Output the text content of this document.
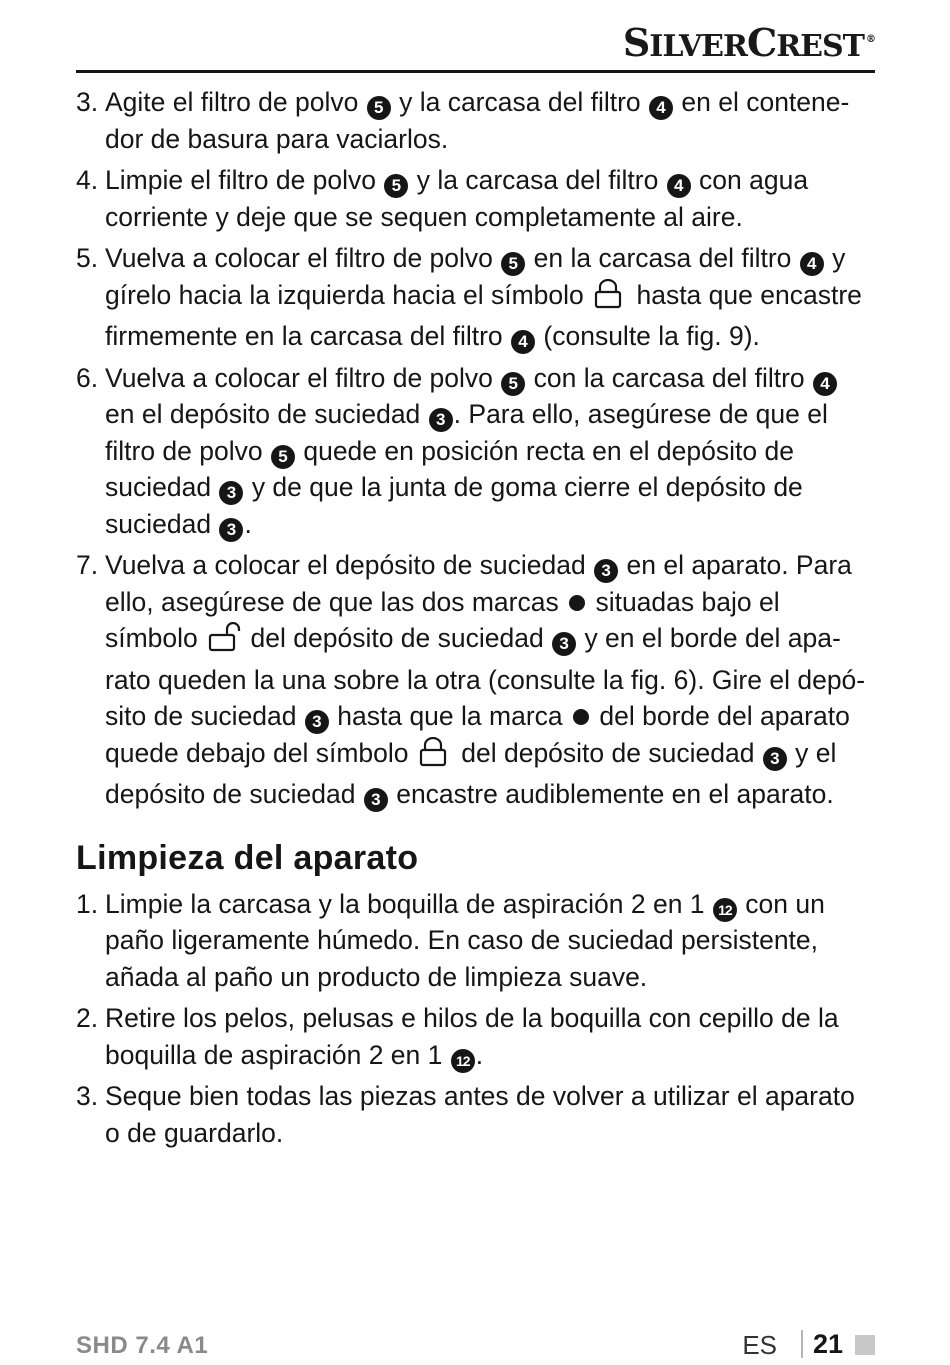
SILVERCREST ®
3. Agite el filtro de polvo 5 y la carcasa del filtro 4 en el contene-
dor de basura para vaciarlos.
4. Limpie el filtro de polvo 5 y la carcasa del filtro 4 con agua
corriente y deje que se sequen completamente al aire.
5. Vuelva a colocar el filtro de polvo 5 en la carcasa del filtro 4 y
gírelo hacia la izquierda hacia el símbolo  hasta que encastre
firmemente en la carcasa del filtro 4 (consulte la fig. 9).
6. Vuelva a colocar el filtro de polvo 5 con la carcasa del filtro 4
en el depósito de suciedad 3 . Para ello, asegúrese de que el
filtro de polvo 5 quede en posición recta en el depósito de
suciedad 3 y de que la junta de goma cierre el depósito de
suciedad 3 .
7. Vuelva a colocar el depósito de suciedad 3 en el aparato. Para
ello, asegúrese de que las dos marcas  situadas bajo el
símbolo  del depósito de suciedad 3 y en el borde del apa-
rato queden la una sobre la otra (consulte la fig. 6). Gire el depó-
sito de suciedad 3 hasta que la marca  del borde del aparato
quede debajo del símbolo  del depósito de suciedad 3 y el
depósito de suciedad 3 encastre audiblemente en el aparato.
Limpieza del aparato
1. Limpie la carcasa y la boquilla de aspiración 2 en 1 12 con un
paño ligeramente húmedo. En caso de suciedad persistente,
añada al paño un producto de limpieza suave.
2. Retire los pelos, pelusas e hilos de la boquilla con cepillo de la
boquilla de aspiración 2 en 1 12 .
3. Seque bien todas las piezas antes de volver a utilizar el aparato
o de guardarlo.
SHD 7.4 A1	ES 21
